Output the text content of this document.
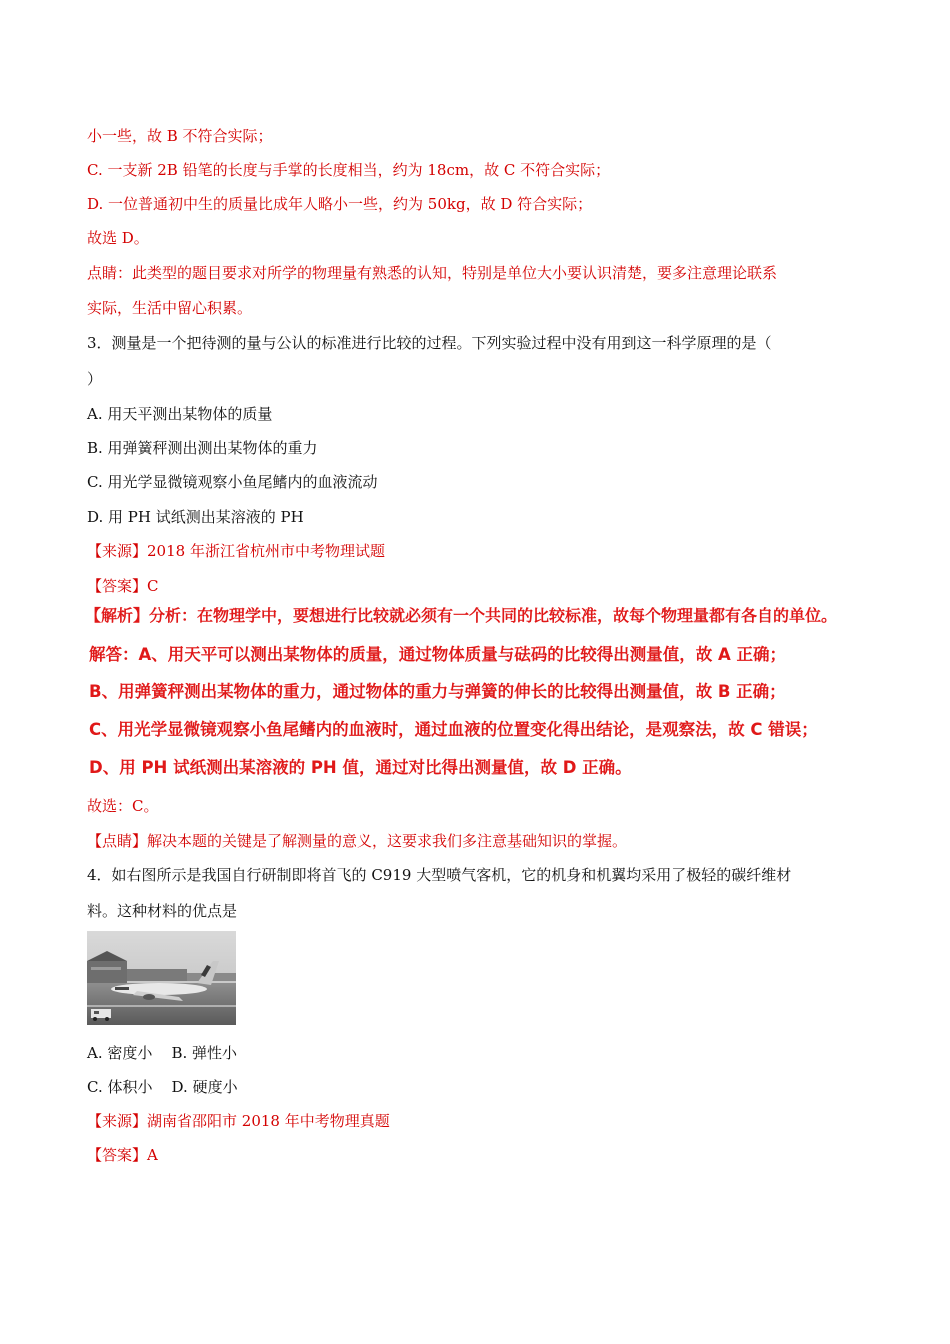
小一些，故 B 不符合实际；
C. 一支新 2B 铅笔的长度与手掌的长度相当，约为 18cm，故 C 不符合实际；
D. 一位普通初中生的质量比成年人略小一些，约为 50kg，故 D 符合实际；
故选 D。
点睛：此类型的题目要求对所学的物理量有熟悉的认知，特别是单位大小要认识清楚，要多注意理论联系
实际，生活中留心积累。
3．测量是一个把待测的量与公认的标准进行比较的过程。下列实验过程中没有用到这一科学原理的是（
）
A. 用天平测出某物体的质量
B. 用弹簧秤测出测出某物体的重力
C. 用光学显微镜观察小鱼尾鳍内的血液流动
D. 用 PH 试纸测出某溶液的 PH
【来源】2018 年浙江省杭州市中考物理试题
【答案】C
【解析】分析：在物理学中，要想进行比较就必须有一个共同的比较标准，故每个物理量都有各自的单位。
解答：A、用天平可以测出某物体的质量，通过物体质量与砝码的比较得出测量值，故 A 正确；
B、用弹簧秤测出某物体的重力，通过物体的重力与弹簧的伸长的比较得出测量值，故 B 正确；
C、用光学显微镜观察小鱼尾鳍内的血液时，通过血液的位置变化得出结论，是观察法，故 C 错误；
D、用 PH 试纸测出某溶液的 PH 值，通过对比得出测量值，故 D 正确。
故选：C。
【点睛】解决本题的关键是了解测量的意义，这要求我们多注意基础知识的掌握。
4．如右图所示是我国自行研制即将首飞的 C919 大型喷气客机，它的机身和机翼均采用了极轻的碳纤维材
料。这种材料的优点是
A. 密度小    B. 弹性小
C. 体积小    D. 硬度小
【来源】湖南省邵阳市 2018 年中考物理真题
【答案】A
